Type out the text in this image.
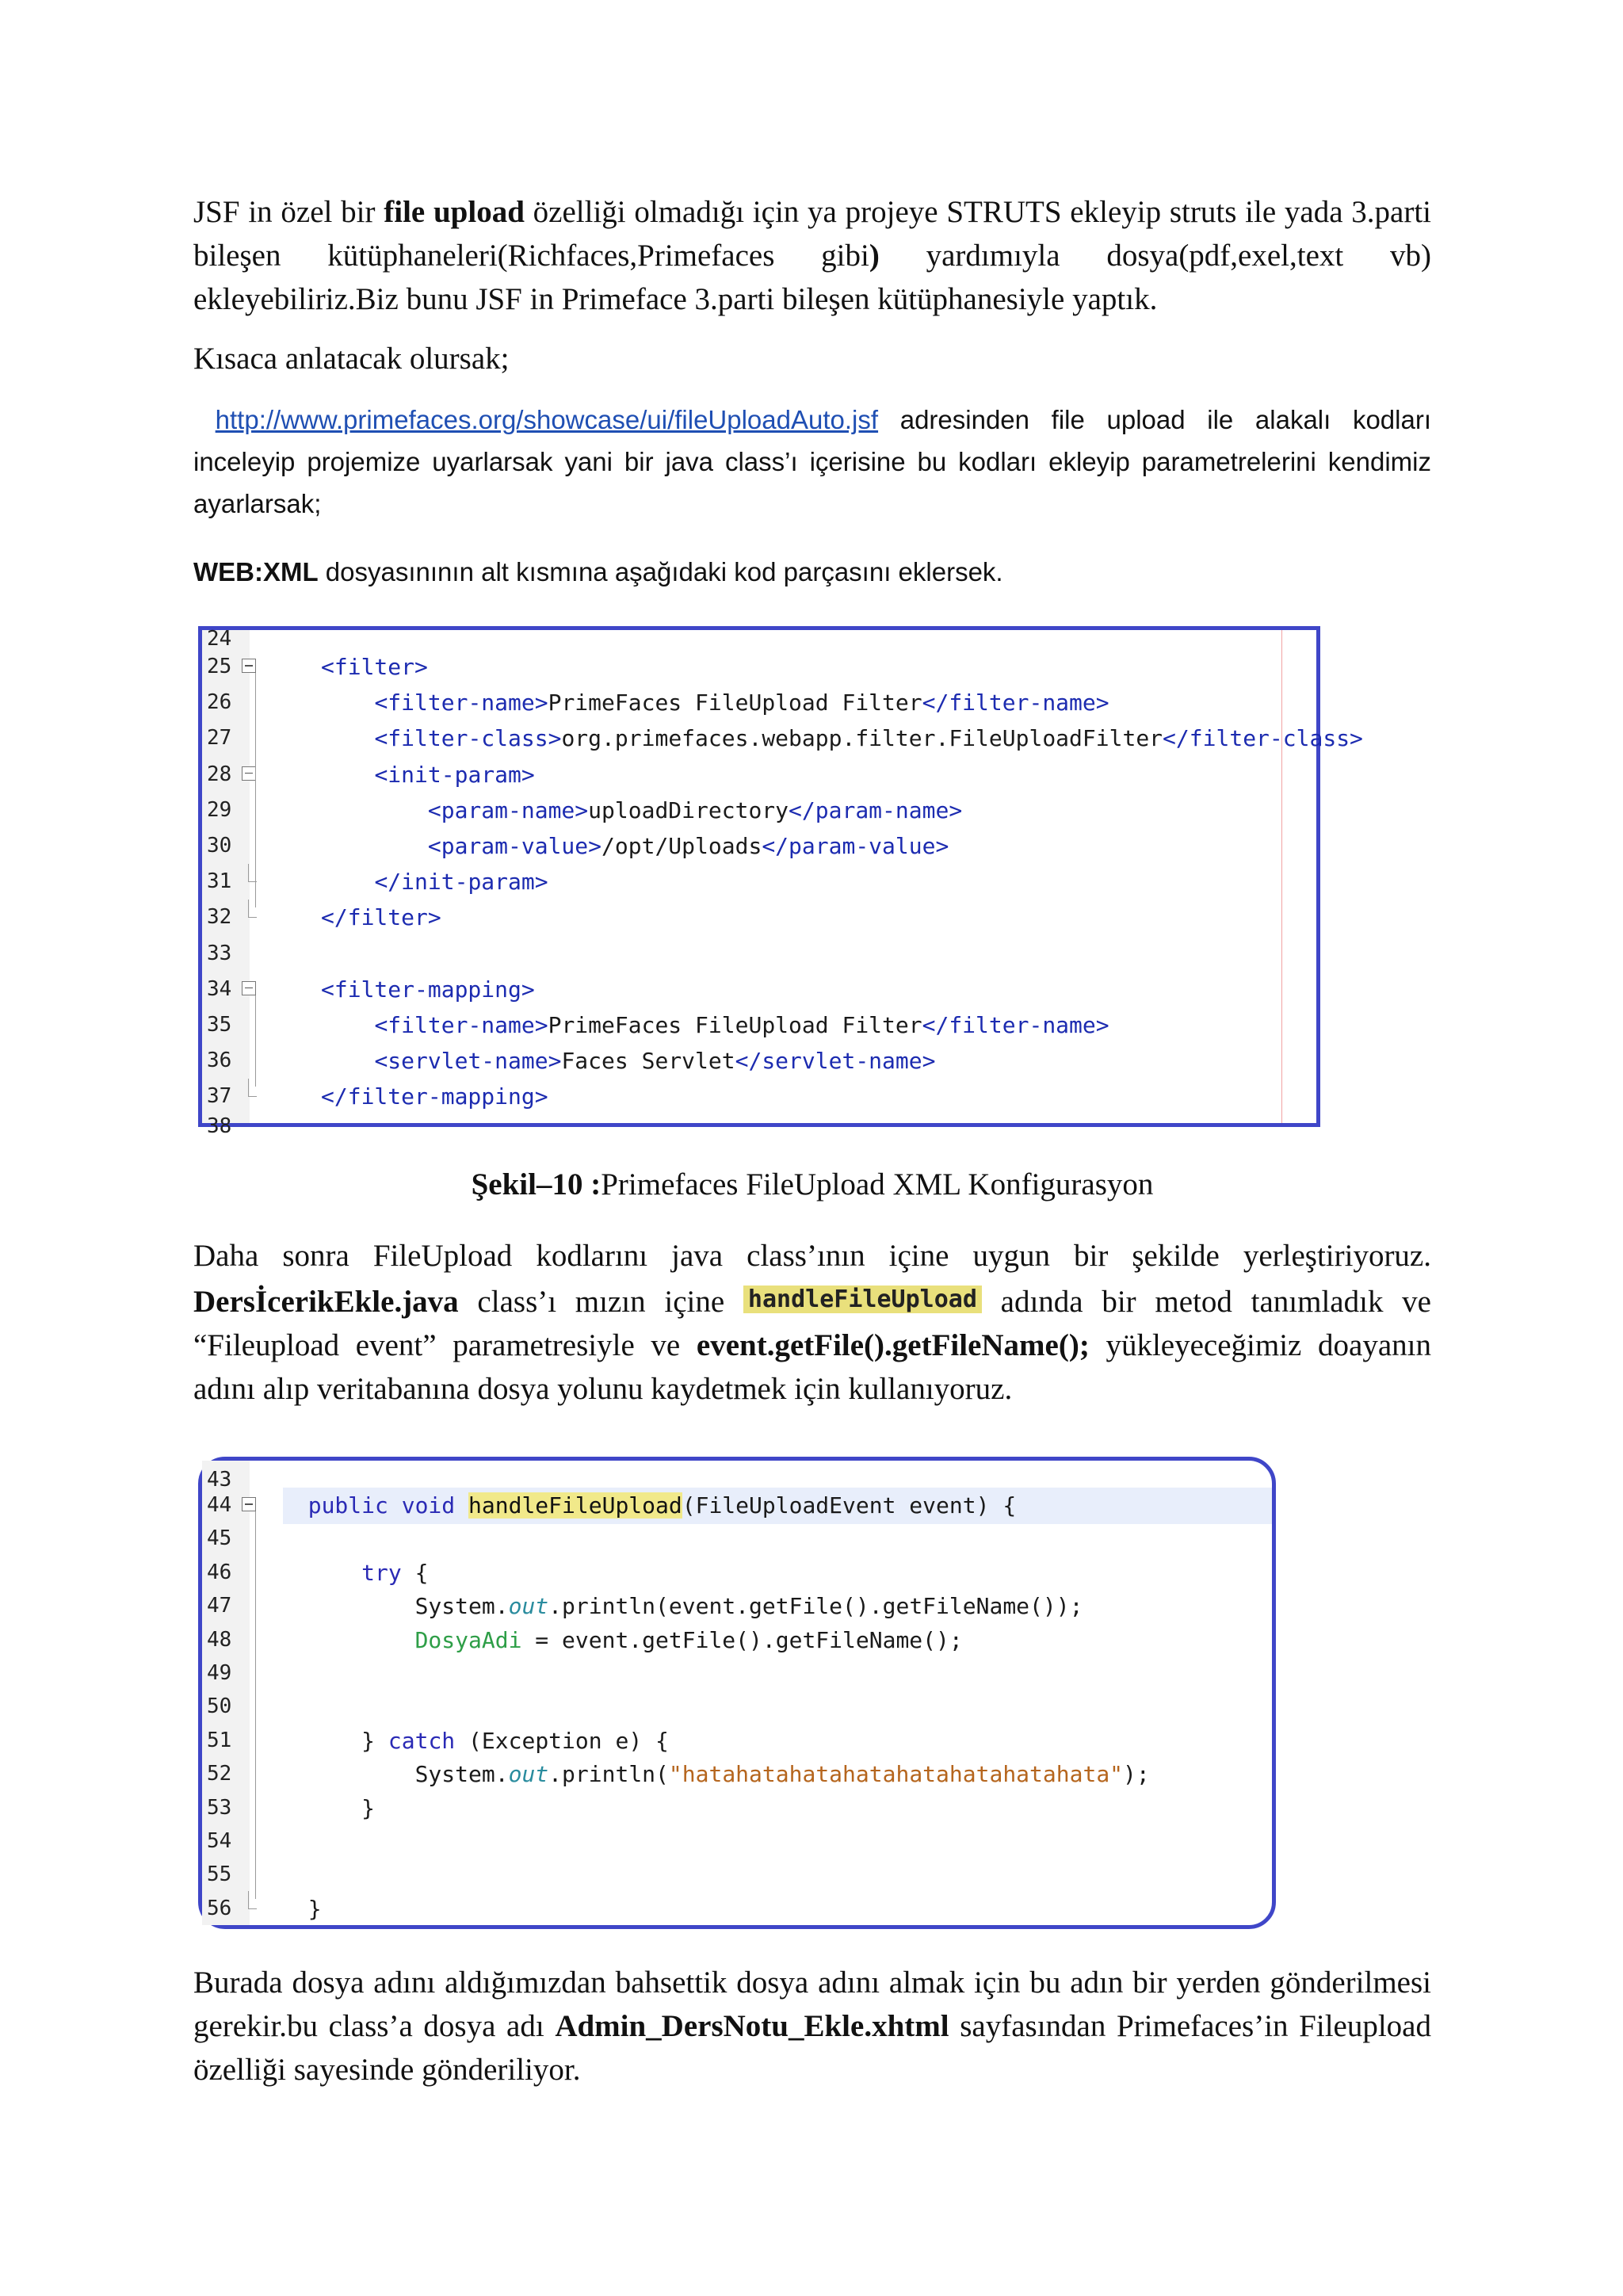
JSF in özel bir file upload özelliği olmadığı için ya projeye STRUTS ekleyip struts ile yada 3.parti bileşen kütüphaneleri(Richfaces,Primefaces gibi) yardımıyla dosya(pdf,exel,text vb) ekleyebiliriz.Biz bunu JSF in Primeface 3.parti bileşen kütüphanesiyle yaptık.
Kısaca anlatacak olursak;
http://www.primefaces.org/showcase/ui/fileUploadAuto.jsf adresinden file upload ile alakalı kodları inceleyip projemize uyarlarsak yani bir java class’ı içerisine bu kodları ekleyip parametrelerini kendimiz ayarlarsak;
WEB:XML dosyasınının alt kısmına aşağıdaki kod parçasını eklersek.
24
25	<filter>
26	<filter-name>PrimeFaces FileUpload Filter</filter-name>
27	<filter-class>org.primefaces.webapp.filter.FileUploadFilter</filter-class>
28	<init-param>
29	<param-name>uploadDirectory</param-name>
30	<param-value>/opt/Uploads</param-value>
31	</init-param>
32	</filter>
33
34	<filter-mapping>
35	<filter-name>PrimeFaces FileUpload Filter</filter-name>
36	<servlet-name>Faces Servlet</servlet-name>
37	</filter-mapping>
38
Şekil–10 :Primefaces FileUpload XML Konfigurasyon
Daha sonra FileUpload kodlarını java class’ının içine uygun bir şekilde yerleştiriyoruz. DersİcerikEkle.java class’ı mızın içine handleFileUpload adında bir metod tanımladık ve “Fileupload event” parametresiyle ve event.getFile().getFileName(); yükleyeceğimiz doayanın adını alıp veritabanına dosya yolunu kaydetmek için kullanıyoruz.
43
44	public void handleFileUpload(FileUploadEvent event) {
45
46	try {
47	System.out.println(event.getFile().getFileName());
48	DosyaAdi = event.getFile().getFileName();
49
50
51	} catch (Exception e) {
52	System.out.println("hatahatahatahatahatahatahatahata");
53	}
54
55
56	}
Burada dosya adını aldığımızdan bahsettik dosya adını almak için bu adın bir yerden gönderilmesi gerekir.bu class’a dosya adı Admin_DersNotu_Ekle.xhtml sayfasından Primefaces’in Fileupload özelliği sayesinde gönderiliyor.
